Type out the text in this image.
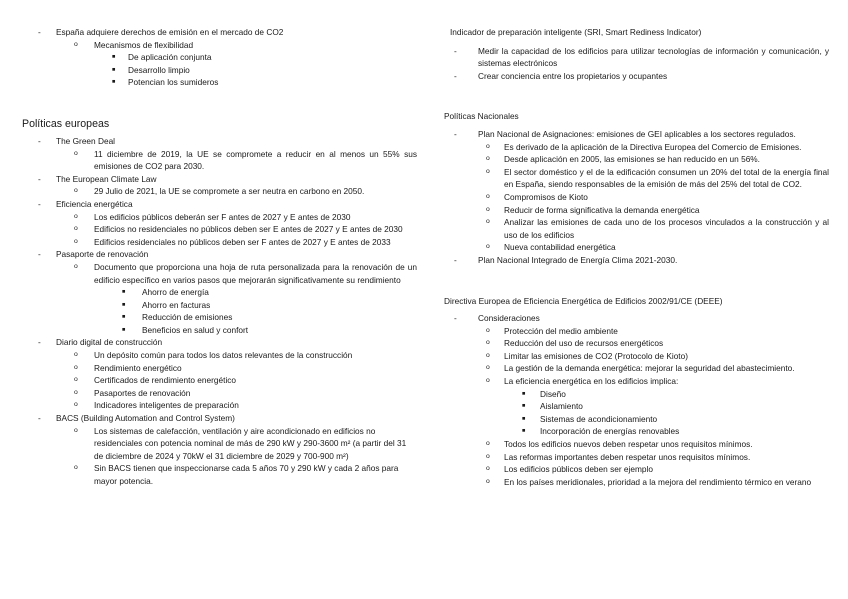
- España adquiere derechos de emisión en el mercado de CO2
o Mecanismos de flexibilidad
■ De aplicación conjunta
■ Desarrollo limpio
■ Potencian los sumideros
Políticas europeas
- The Green Deal
o 11 diciembre de 2019, la UE se compromete a reducir en al menos un 55% sus emisiones de CO2 para 2030.
- The European Climate Law
o 29 Julio de 2021, la UE se compromete a ser neutra en carbono en 2050.
- Eficiencia energética
o Los edificios públicos deberán ser F antes de 2027 y E antes de 2030
o Edificios no residenciales no públicos deben ser E antes de 2027 y E antes de 2030
o Edificios residenciales no públicos deben ser F antes de 2027 y E antes de 2033
- Pasaporte de renovación
o Documento que proporciona una hoja de ruta personalizada para la renovación de un edificio específico en varios pasos que mejorarán significativamente su rendimiento
■ Ahorro de energía
■ Ahorro en facturas
■ Reducción de emisiones
■ Beneficios en salud y confort
- Diario digital de construcción
o Un depósito común para todos los datos relevantes de la construcción
o Rendimiento energético
o Certificados de rendimiento energético
o Pasaportes de renovación
o Indicadores inteligentes de preparación
- BACS (Building Automation and Control System)
o Los sistemas de calefacción, ventilación y aire acondicionado en edificios no residenciales con potencia nominal de más de 290 kW y 290-3600 m² (a partir del 31 de diciembre de 2024 y 70kW el 31 diciembre de 2029 y 700-900 m²)
o Sin BACS tienen que inspeccionarse cada 5 años 70 y 290 kW y cada 2 años para mayor potencia.
Indicador de preparación inteligente (SRI, Smart Rediness Indicator)
-	Medir la capacidad de los edificios para utilizar tecnologías de información y comunicación, y sistemas electrónicos
-	Crear conciencia entre los propietarios y ocupantes
Políticas Nacionales
-	Plan Nacional de Asignaciones: emisiones de GEI aplicables a los sectores regulados.
o Es derivado de la aplicación de la Directiva Europea del Comercio de Emisiones.
o Desde aplicación en 2005, las emisiones se han reducido en un 56%.
o El sector doméstico y el de la edificación consumen un 20% del total de la energía final en España, siendo responsables de la emisión de más del 25% del total de CO2.
o Compromisos de Kioto
o Reducir de forma significativa la demanda energética
o Analizar las emisiones de cada uno de los procesos vinculados a la construcción y al uso de los edificios
o Nueva contabilidad energética
-	Plan Nacional Integrado de Energía Clima 2021-2030.
Directiva Europea de Eficiencia Energética de Edificios 2002/91/CE (DEEE)
-	Consideraciones
o Protección del medio ambiente
o Reducción del uso de recursos energéticos
o Limitar las emisiones de CO2 (Protocolo de Kioto)
o La gestión de la demanda energética: mejorar la seguridad del abastecimiento.
o La eficiencia energética en los edificios implica:
■ Diseño
■ Aislamiento
■ Sistemas de acondicionamiento
■ Incorporación de energías renovables
o Todos los edificios nuevos deben respetar unos requisitos mínimos.
o Las reformas importantes deben respetar unos requisitos mínimos.
o Los edificios públicos deben ser ejemplo
o En los países meridionales, prioridad a la mejora del rendimiento térmico en verano
